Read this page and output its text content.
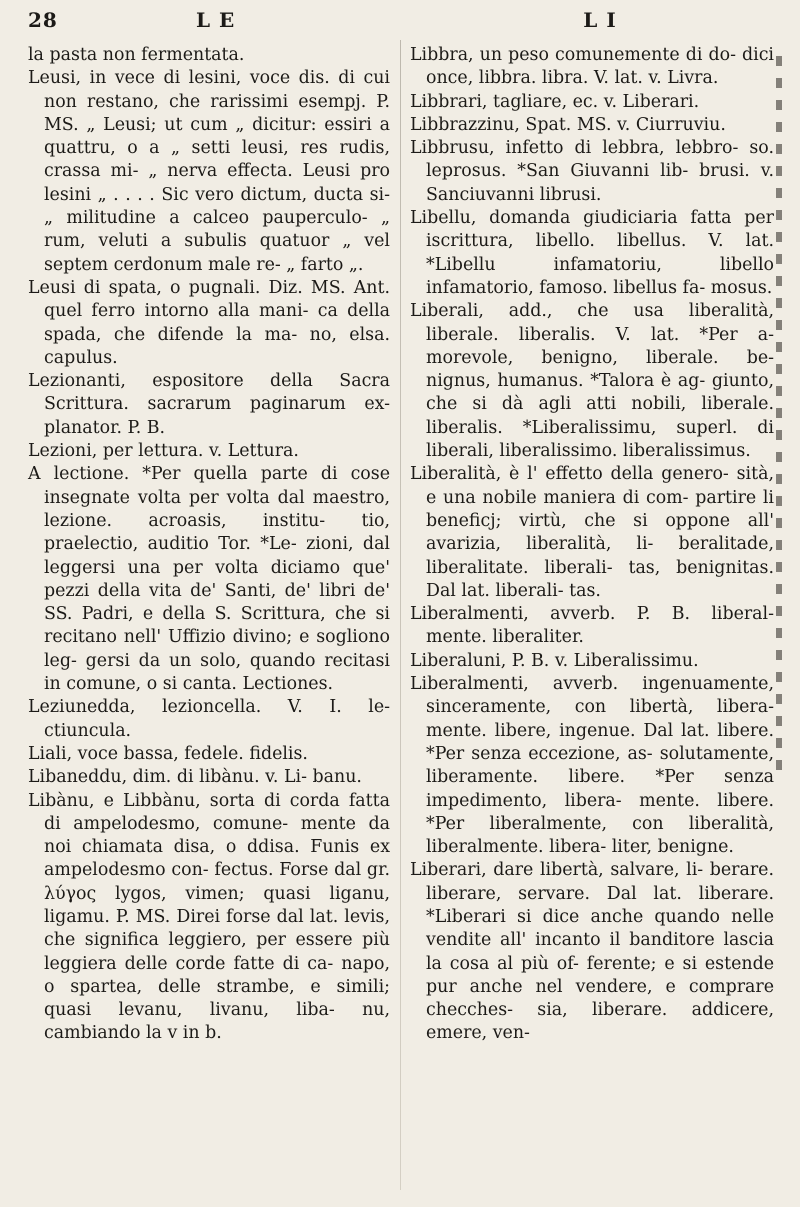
28	L E	L I

la pasta non fermentata.

Leusi, in vece di lesini, voce dis. di cui non restano, che rarissimi esempj. P. MS. „ Leusi; ut cum „ dicitur: essiri a quattru, o a „ setti leusi, res rudis, crassa mi- „ nerva effecta. Leusi pro lesini „ . . . . Sic vero dictum, ducta si- „ militudine a calceo pauperculo- „ rum, veluti a subulis quatuor „ vel septem cerdonum male re- „ farto „.

Leusi di spata, o pugnali. Diz. MS. Ant. quel ferro intorno alla mani- ca della spada, che difende la ma- no, elsa. capulus.

Lezionanti, espositore della Sacra Scrittura. sacrarum paginarum ex- planator. P. B.

Lezioni, per lettura. v. Lettura.

A lectione. *Per quella parte di cose insegnate volta per volta dal maestro, lezione. acroasis, institu- tio, praelectio, auditio Tor. *Le- zioni, dal leggersi una per volta diciamo que' pezzi della vita de' Santi, de' libri de' SS. Padri, e della S. Scrittura, che si recitano nell' Uffizio divino; e sogliono leg- gersi da un solo, quando recitasi in comune, o si canta. Lectiones.

Leziunedda, lezioncella. V. I. le- ctiuncula.

Liali, voce bassa, fedele. fidelis.

Libaneddu, dim. di libànu. v. Li- banu.

Libànu, e Libbànu, sorta di corda fatta di ampelodesmo, comune- mente da noi chiamata disa, o ddisa. Funis ex ampelodesmo con- fectus. Forse dal gr. λύγος lygos, vimen; quasi liganu, ligamu. P. MS. Direi forse dal lat. levis, che significa leggiero, per essere più leggiera delle corde fatte di ca- napo, o spartea, delle strambe, e simili; quasi levanu, livanu, liba- nu, cambiando la v in b.

Libbra, un peso comunemente di do- dici once, libbra. libra. V. lat. v. Livra.

Libbrari, tagliare, ec. v. Liberari.

Libbrazzinu, Spat. MS. v. Ciurruviu.

Libbrusu, infetto di lebbra, lebbro- so. leprosus. *San Giuvanni lib- brusi. v. Sanciuvanni librusi.

Libellu, domanda giudiciaria fatta per iscrittura, libello. libellus. V. lat. *Libellu infamatoriu, libello infamatorio, famoso. libellus fa- mosus.

Liberali, add., che usa liberalità, liberale. liberalis. V. lat. *Per a- morevole, benigno, liberale. be- nignus, humanus. *Talora è ag- giunto, che si dà agli atti nobili, liberale. liberalis. *Liberalissimu, superl. di liberali, liberalissimo. liberalissimus.

Liberalità, è l' effetto della genero- sità, e una nobile maniera di com- partire li beneficj; virtù, che si oppone all' avarizia, liberalità, li- beralitade, liberalitate. liberali- tas, benignitas. Dal lat. liberali- tas.

Liberalmenti, avverb. P. B. liberal- mente. liberaliter.

Liberaluni, P. B. v. Liberalissimu.

Liberalmenti, avverb. ingenuamente, sinceramente, con libertà, libera- mente. libere, ingenue. Dal lat. libere. *Per senza eccezione, as- solutamente, liberamente. libere. *Per senza impedimento, libera- mente. libere. *Per liberalmente, con liberalità, liberalmente. libera- liter, benigne.

Liberari, dare libertà, salvare, li- berare. liberare, servare. Dal lat. liberare. *Liberari si dice anche quando nelle vendite all' incanto il banditore lascia la cosa al più of- ferente; e si estende pur anche nel vendere, e comprare checches- sia, liberare. addicere, emere, ven-
